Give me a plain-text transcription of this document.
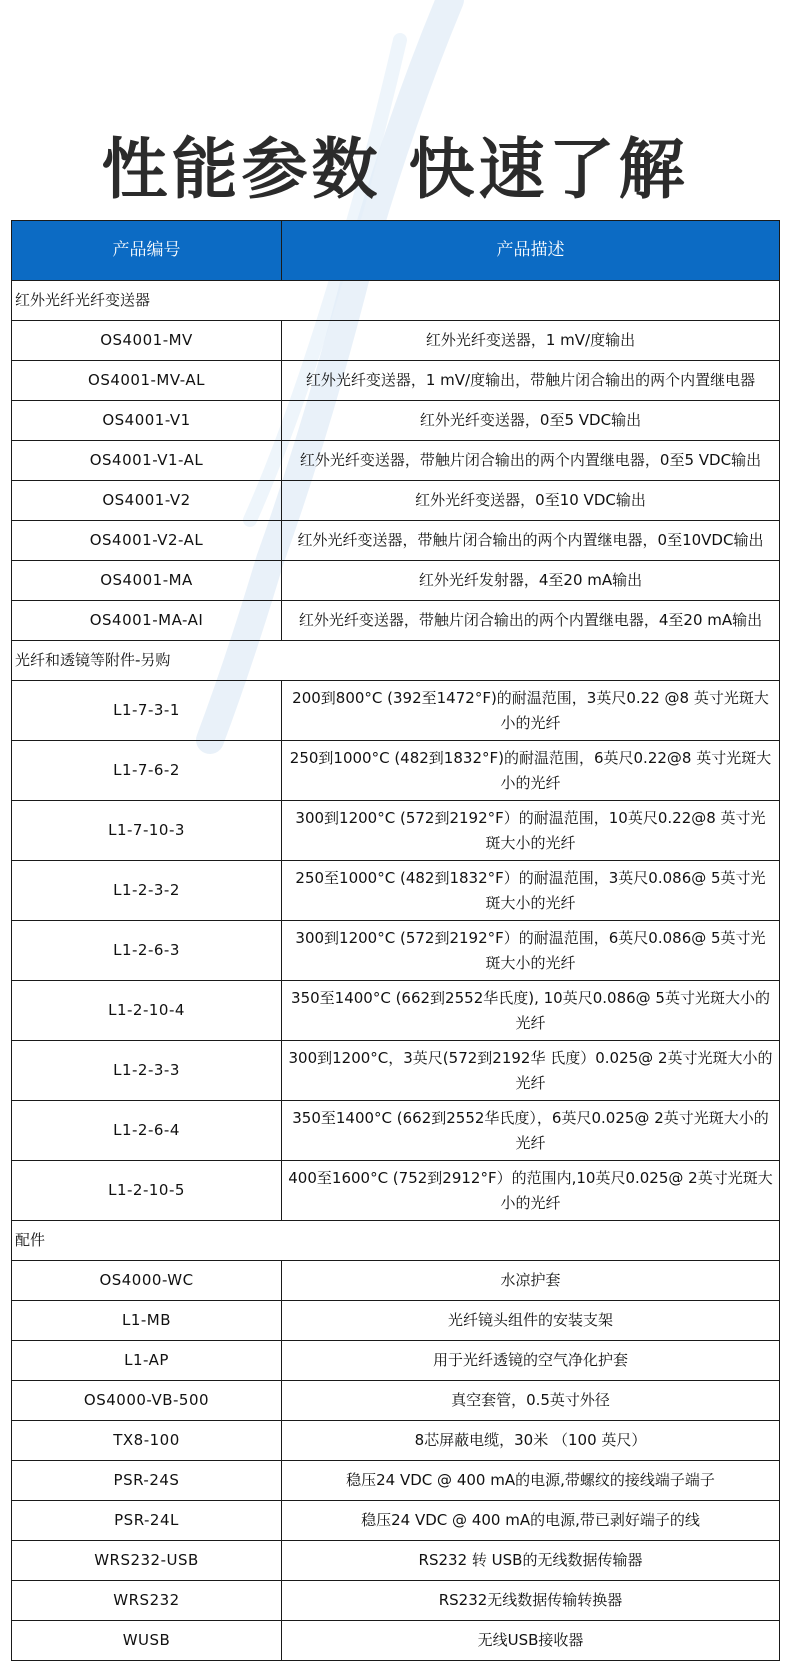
性能参数 快速了解
产品编号	产品描述
红外光纤光纤变送器	
OS4001-MV	红外光纤变送器，1 mV/度输出
OS4001-MV-AL	红外光纤变送器，1 mV/度输出，带触片闭合输出的两个内置继电器
OS4001-V1	红外光纤变送器，0至5 VDC输出
OS4001-V1-AL	红外光纤变送器，带触片闭合输出的两个内置继电器，0至5 VDC输出
OS4001-V2	红外光纤变送器，0至10 VDC输出
OS4001-V2-AL	红外光纤变送器，带触片闭合输出的两个内置继电器，0至10VDC输出
OS4001-MA	红外光纤发射器，4至20 mA输出
OS4001-MA-AI	红外光纤变送器，带触片闭合输出的两个内置继电器，4至20 mA输出
光纤和透镜等附件-另购	
L1-7-3-1	200到800°C (392至1472°F)的耐温范围，3英尺0.22 @8 英寸光斑大小的光纤
L1-7-6-2	250到1000°C (482到1832°F)的耐温范围，6英尺0.22@8 英寸光斑大小的光纤
L1-7-10-3	300到1200°C (572到2192°F）的耐温范围，10英尺0.22@8 英寸光斑大小的光纤
L1-2-3-2	250至1000°C (482到1832°F）的耐温范围，3英尺0.086@ 5英寸光斑大小的光纤
L1-2-6-3	300到1200°C (572到2192°F）的耐温范围，6英尺0.086@ 5英寸光斑大小的光纤
L1-2-10-4	350至1400°C (662到2552华氏度), 10英尺0.086@ 5英寸光斑大小的光纤
L1-2-3-3	300到1200°C，3英尺(572到2192华 氏度）0.025@ 2英寸光斑大小的光纤
L1-2-6-4	350至1400°C (662到2552华氏度），6英尺0.025@ 2英寸光斑大小的光纤
L1-2-10-5	400至1600°C (752到2912°F）的范围内,10英尺0.025@ 2英寸光斑大小的光纤
配件	
OS4000-WC	水凉护套
L1-MB	光纤镜头组件的安装支架
L1-AP	用于光纤透镜的空气净化护套
OS4000-VB-500	真空套管，0.5英寸外径
TX8-100	8芯屏蔽电缆，30米 （100 英尺）
PSR-24S	稳压24 VDC @ 400 mA的电源,带螺纹的接线端子端子
PSR-24L	稳压24 VDC @ 400 mA的电源,带已剥好端子的线
WRS232-USB	RS232 转 USB的无线数据传输器
WRS232	RS232无线数据传输转换器
WUSB	无线USB接收器
